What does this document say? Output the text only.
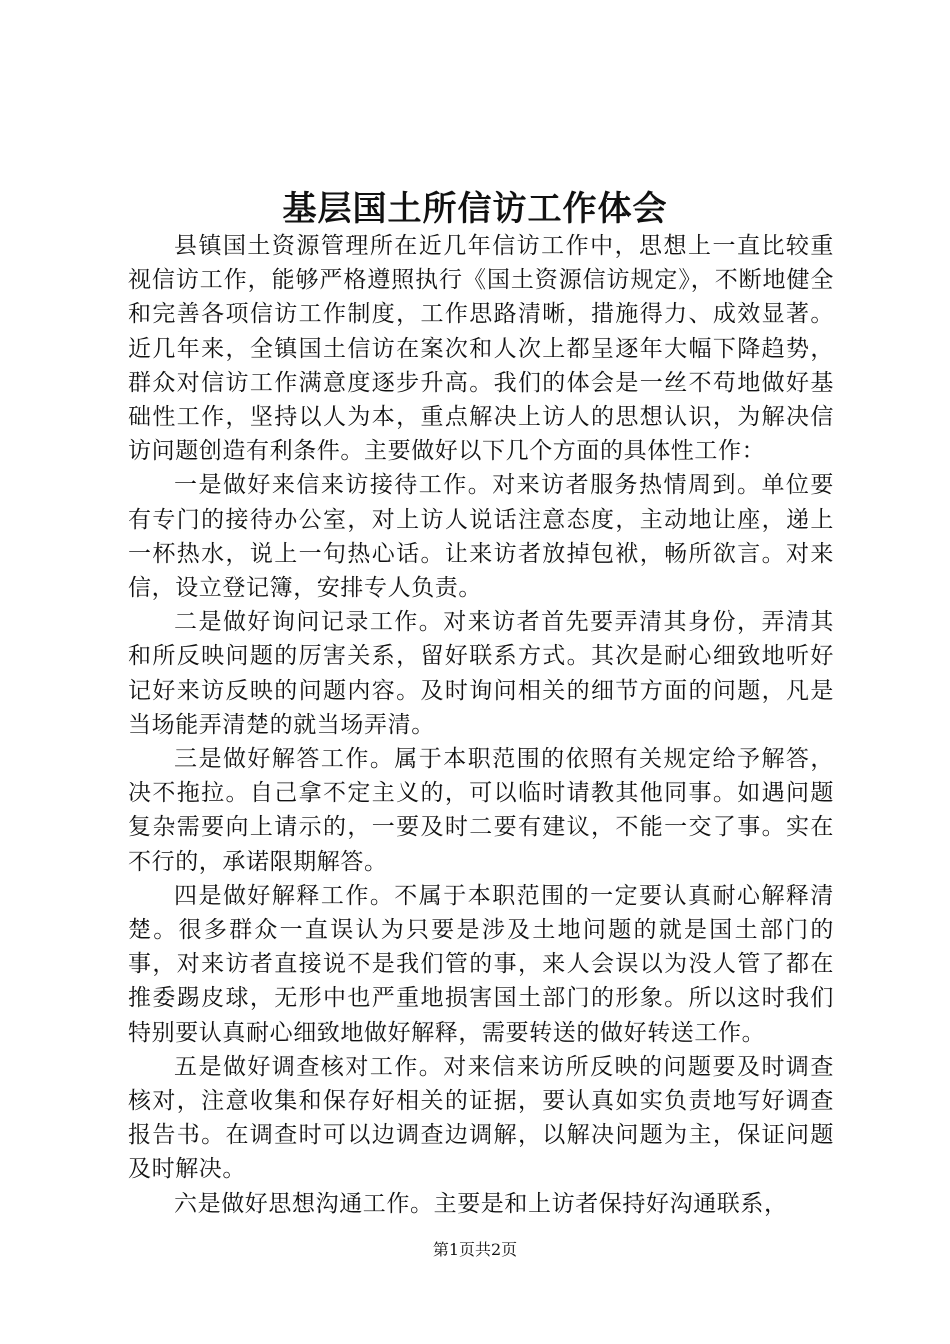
基层国土所信访工作体会

县镇国土资源管理所在近几年信访工作中，思想上一直比较重视信访工作，能够严格遵照执行《国土资源信访规定》，不断地健全和完善各项信访工作制度，工作思路清晰，措施得力、成效显著。近几年来，全镇国土信访在案次和人次上都呈逐年大幅下降趋势，群众对信访工作满意度逐步升高。我们的体会是一丝不苟地做好基础性工作，坚持以人为本，重点解决上访人的思想认识，为解决信访问题创造有利条件。主要做好以下几个方面的具体性工作：

一是做好来信来访接待工作。对来访者服务热情周到。单位要有专门的接待办公室，对上访人说话注意态度，主动地让座，递上一杯热水，说上一句热心话。让来访者放掉包袱，畅所欲言。对来信，设立登记簿，安排专人负责。

二是做好询问记录工作。对来访者首先要弄清其身份，弄清其和所反映问题的厉害关系，留好联系方式。其次是耐心细致地听好记好来访反映的问题内容。及时询问相关的细节方面的问题，凡是当场能弄清楚的就当场弄清。

三是做好解答工作。属于本职范围的依照有关规定给予解答，决不拖拉。自己拿不定主义的，可以临时请教其他同事。如遇问题复杂需要向上请示的，一要及时二要有建议，不能一交了事。实在不行的，承诺限期解答。

四是做好解释工作。不属于本职范围的一定要认真耐心解释清楚。很多群众一直误认为只要是涉及土地问题的就是国土部门的事，对来访者直接说不是我们管的事，来人会误以为没人管了都在推委踢皮球，无形中也严重地损害国土部门的形象。所以这时我们特别要认真耐心细致地做好解释，需要转送的做好转送工作。

五是做好调查核对工作。对来信来访所反映的问题要及时调查核对，注意收集和保存好相关的证据，要认真如实负责地写好调查报告书。在调查时可以边调查边调解，以解决问题为主，保证问题及时解决。

六是做好思想沟通工作。主要是和上访者保持好沟通联系，

第1页共2页
